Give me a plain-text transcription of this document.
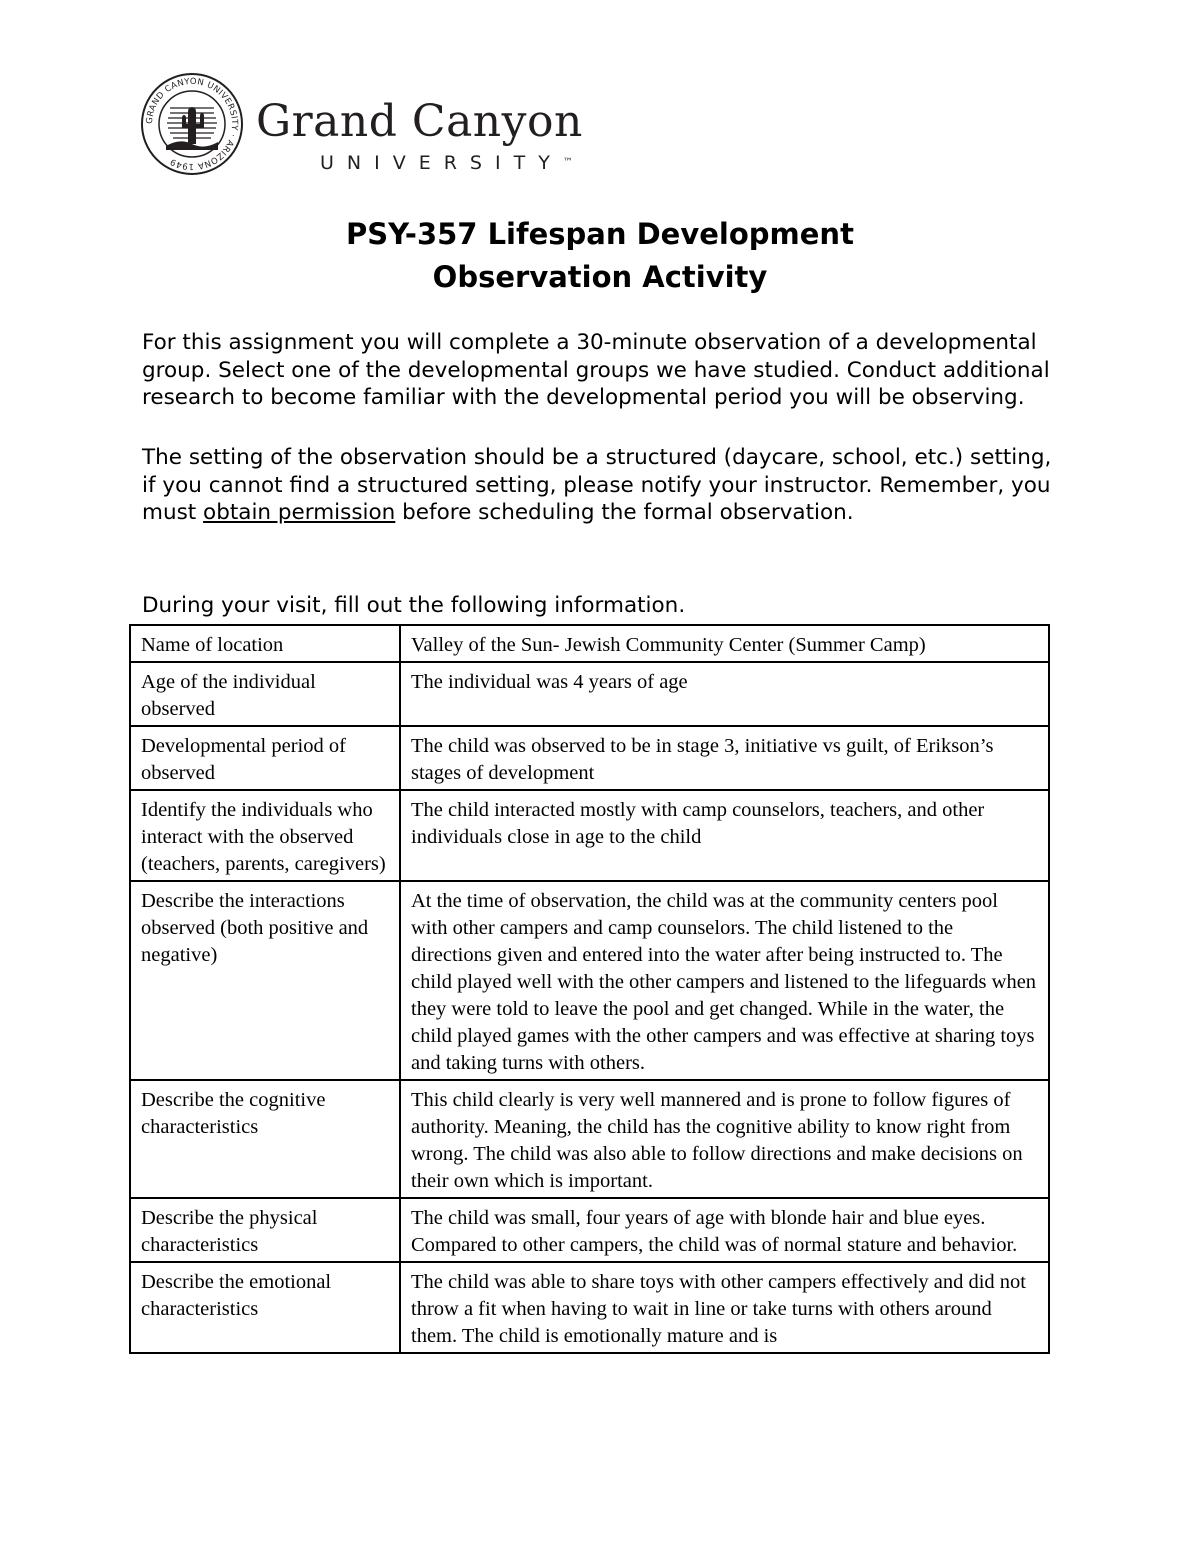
GRAND CANYON UNIVERSITY · ARIZONA 1949

Grand Canyon

UNIVERSITY™

PSY-357 Lifespan Development
Observation Activity

For this assignment you will complete a 30-minute observation of a developmental group. Select one of the developmental groups we have studied. Conduct additional research to become familiar with the developmental period you will be observing.

The setting of the observation should be a structured (daycare, school, etc.) setting, if you cannot find a structured setting, please notify your instructor. Remember, you must obtain permission before scheduling the formal observation.

During your visit, fill out the following information.

Name of location	Valley of the Sun- Jewish Community Center (Summer Camp)
Age of the individual observed	The individual was 4 years of age
Developmental period of observed	The child was observed to be in stage 3, initiative vs guilt, of Erikson’s stages of development
Identify the individuals who interact with the observed (teachers, parents, caregivers)	The child interacted mostly with camp counselors, teachers, and other individuals close in age to the child
Describe the interactions observed (both positive and negative)	At the time of observation, the child was at the community centers pool with other campers and camp counselors. The child listened to the directions given and entered into the water after being instructed to. The child played well with the other campers and listened to the lifeguards when they were told to leave the pool and get changed. While in the water, the child played games with the other campers and was effective at sharing toys and taking turns with others.
Describe the cognitive characteristics	This child clearly is very well mannered and is prone to follow figures of authority. Meaning, the child has the cognitive ability to know right from wrong. The child was also able to follow directions and make decisions on their own which is important.
Describe the physical characteristics	The child was small, four years of age with blonde hair and blue eyes. Compared to other campers, the child was of normal stature and behavior.
Describe the emotional characteristics	The child was able to share toys with other campers effectively and did not throw a fit when having to wait in line or take turns with others around them. The child is emotionally mature and is
